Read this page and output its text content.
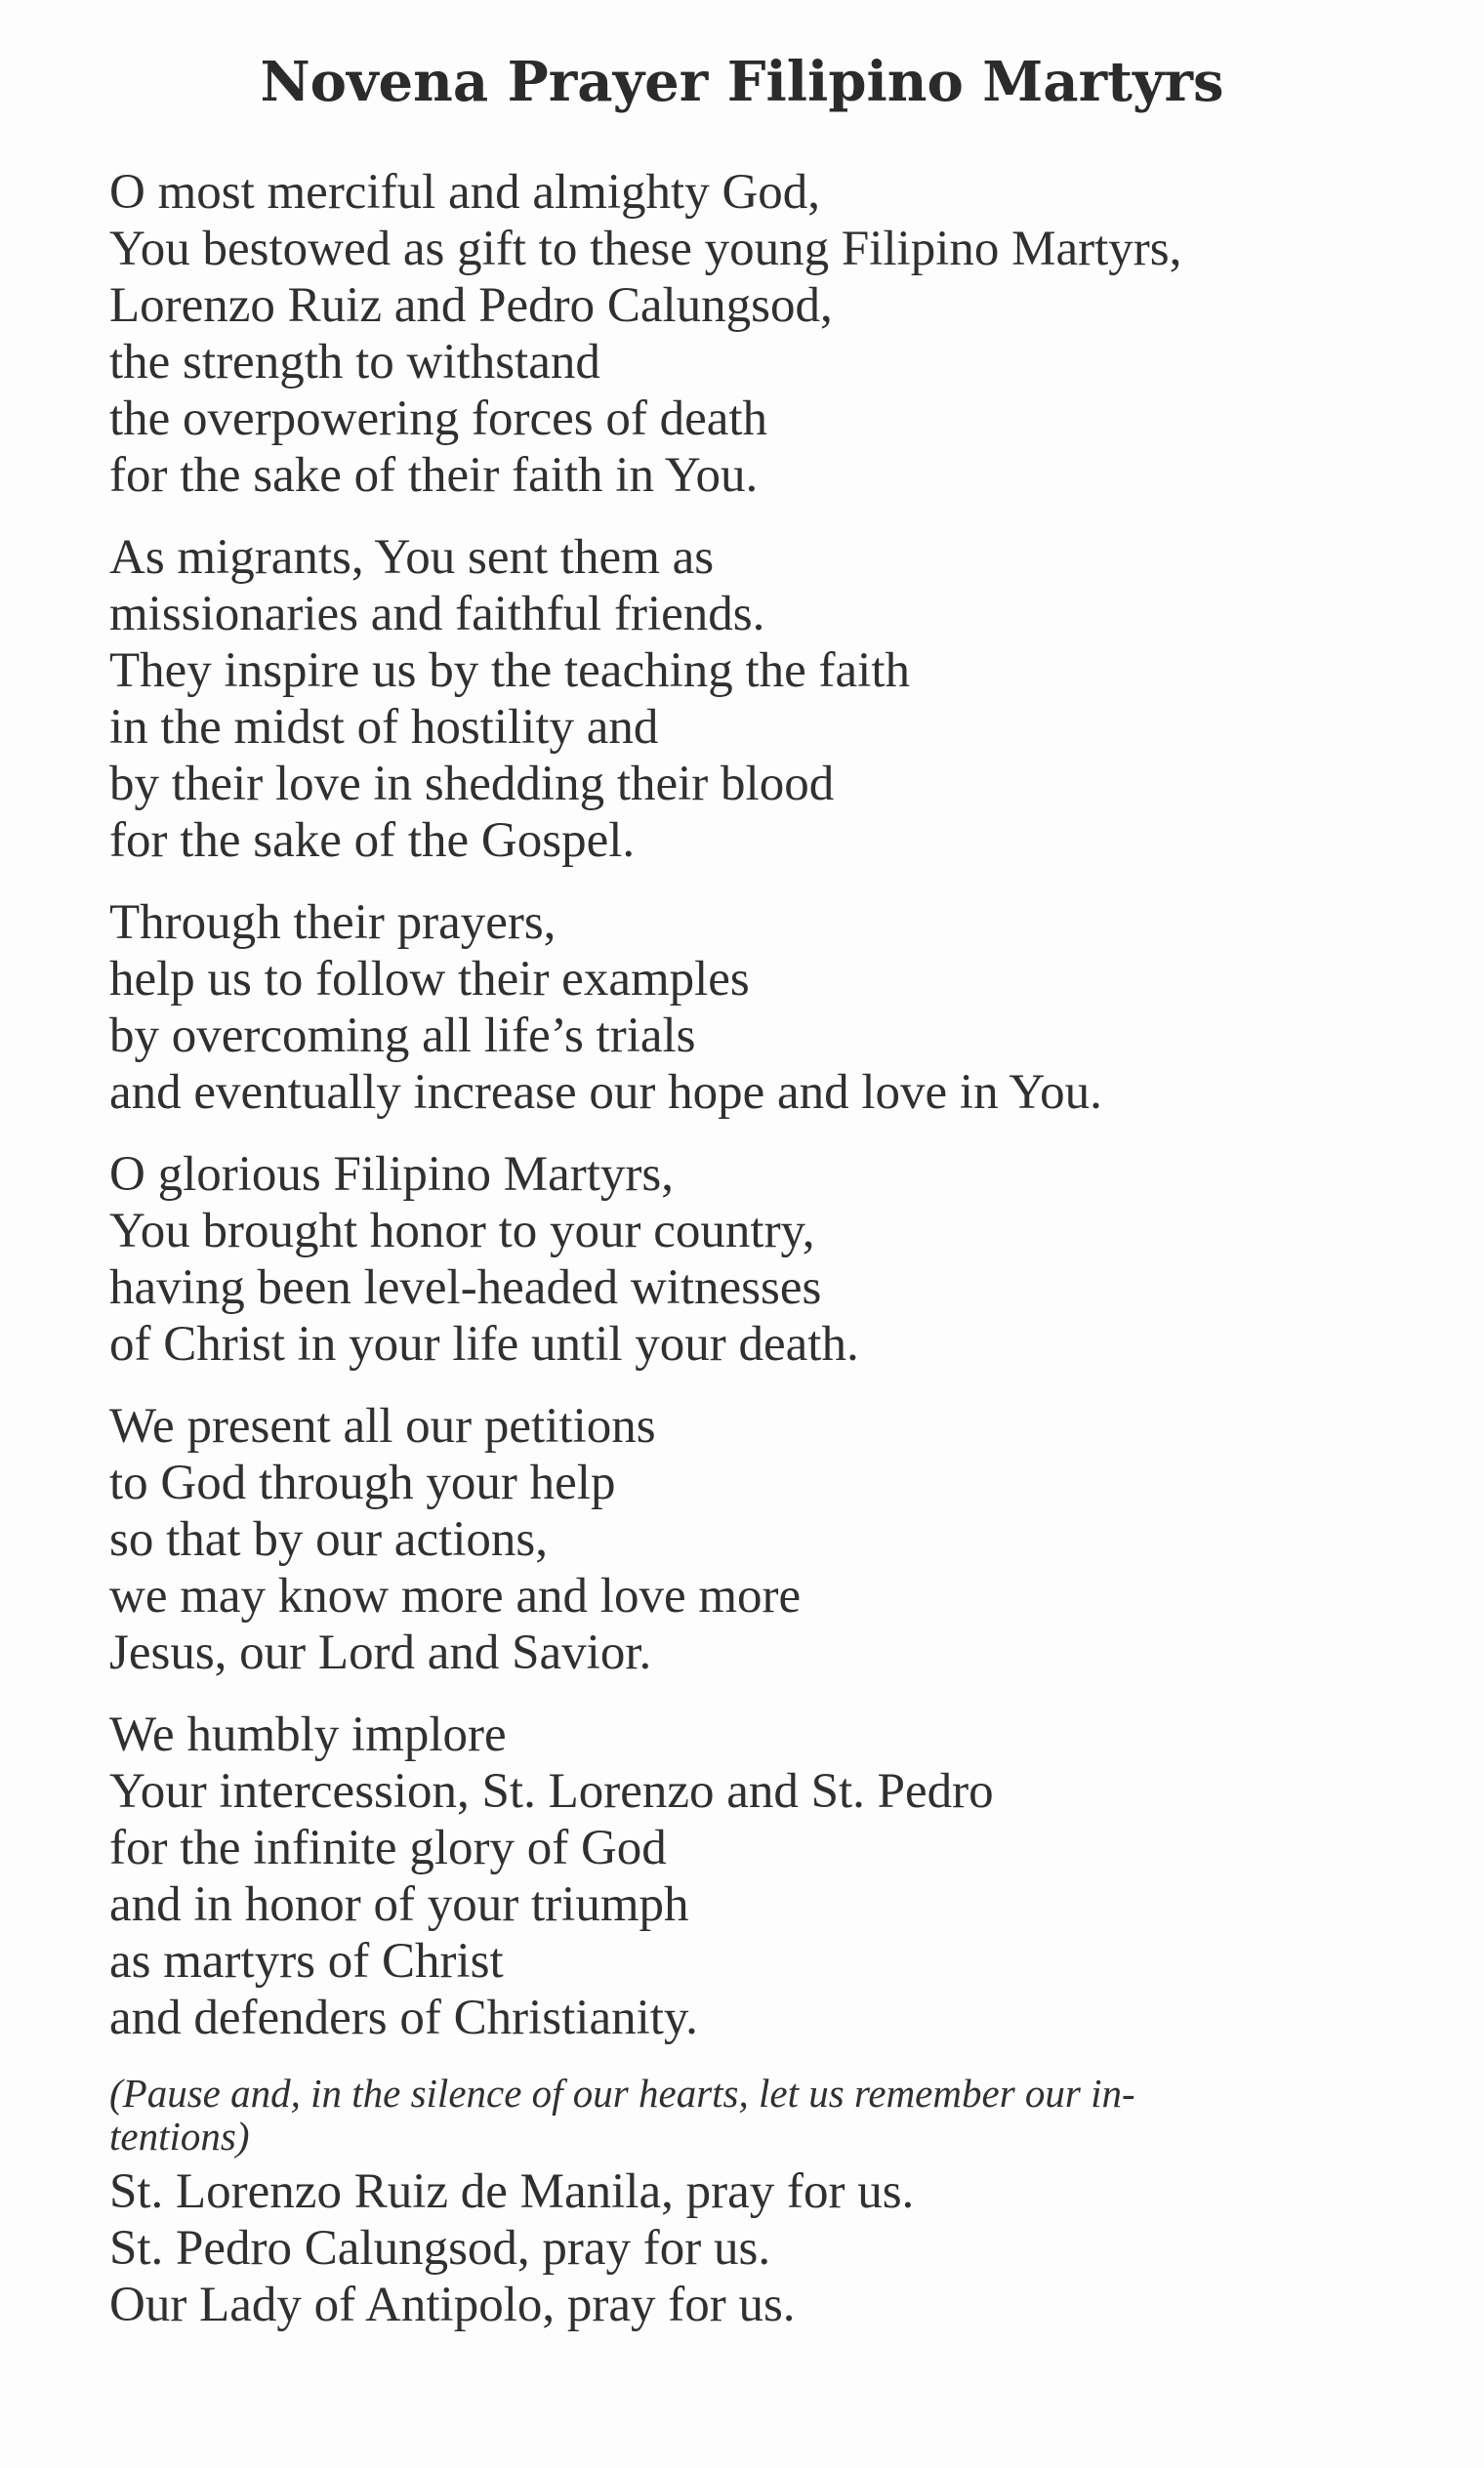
Novena Prayer Filipino Martyrs
O most merciful and almighty God,
You bestowed as gift to these young Filipino Martyrs,
Lorenzo Ruiz and Pedro Calungsod,
the strength to withstand
the overpowering forces of death
for the sake of their faith in You.
As migrants, You sent them as
missionaries and faithful friends.
They inspire us by the teaching the faith
in the midst of hostility and
by their love in shedding their blood
for the sake of the Gospel.
Through their prayers,
help us to follow their examples
by overcoming all life’s trials
and eventually increase our hope and love in You.
O glorious Filipino Martyrs,
You brought honor to your country,
having been level-headed witnesses
of Christ in your life until your death.
We present all our petitions
to God through your help
so that by our actions,
we may know more and love more
Jesus, our Lord and Savior.
We humbly implore
Your intercession, St. Lorenzo and St. Pedro
for the infinite glory of God
and in honor of your triumph
as martyrs of Christ
and defenders of Christianity.
(Pause and, in the silence of our hearts, let us remember our in-
tentions)
St. Lorenzo Ruiz de Manila, pray for us.
St. Pedro Calungsod, pray for us.
Our Lady of Antipolo, pray for us.
